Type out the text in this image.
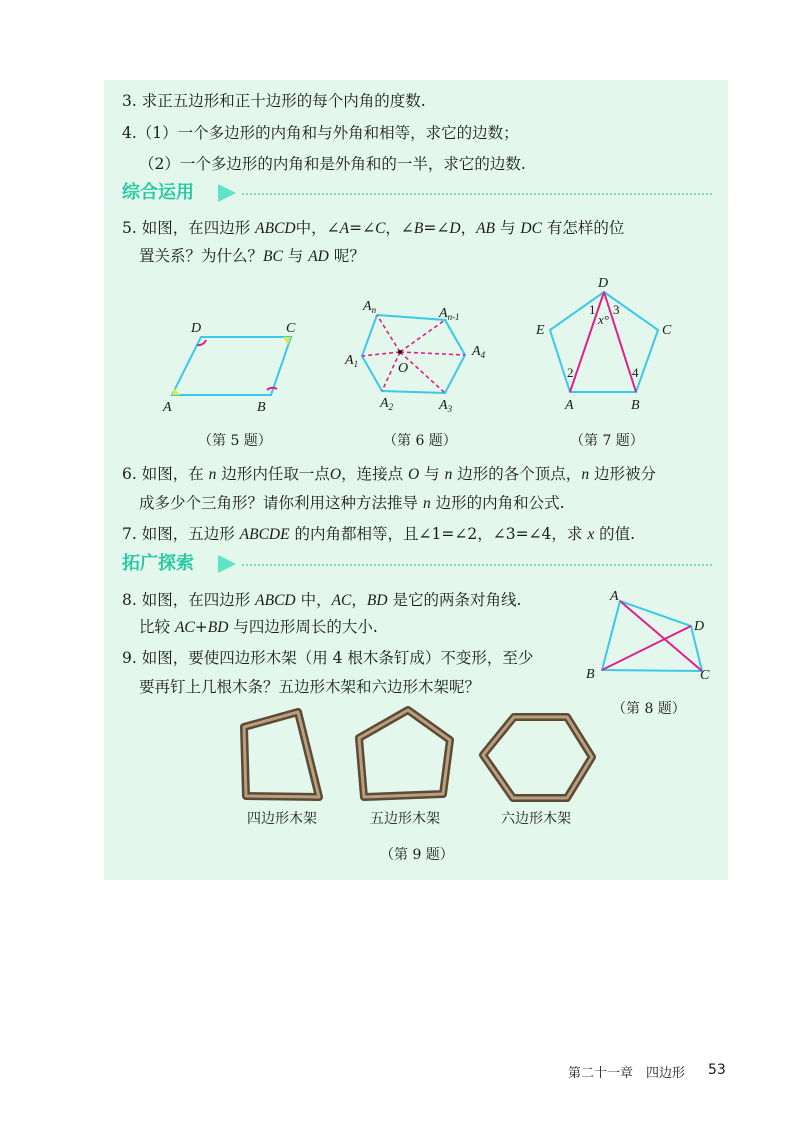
3. 求正五边形和正十边形的每个内角的度数.
4.（1）一个多边形的内角和与外角和相等，求它的边数；
（2）一个多边形的内角和是外角和的一半，求它的边数.
综合运用
5. 如图，在四边形 ABCD中，∠A=∠C，∠B=∠D，AB 与 DC 有怎样的位
置关系？为什么？BC 与 AD 呢？
D	C
A	B
（第 5 题）
$A_n$	$A_{n-1}$
$A_1$
$A_2$	$A_3$
$A_4$
O
（第 6 题）
D
C
E
A	B
1 3
x°
2	4
（第 7 题）
6. 如图，在 n 边形内任取一点O，连接点 O 与 n 边形的各个顶点，n 边形被分
成多少个三角形？请你利用这种方法推导 n 边形的内角和公式.
7. 如图，五边形 ABCDE 的内角都相等，且∠1=∠2，∠3=∠4，求 x 的值.
拓广探索
8. 如图，在四边形 ABCD 中，AC，BD 是它的两条对角线.
比较 AC+BD 与四边形周长的大小.
9. 如图，要使四边形木架（用 4 根木条钉成）不变形，至少
要再钉上几根木条？五边形木架和六边形木架呢？
A
D
B	C
（第 8 题）
四边形木架	五边形木架	六边形木架
（第 9 题）
第二十一章　四边形 53
